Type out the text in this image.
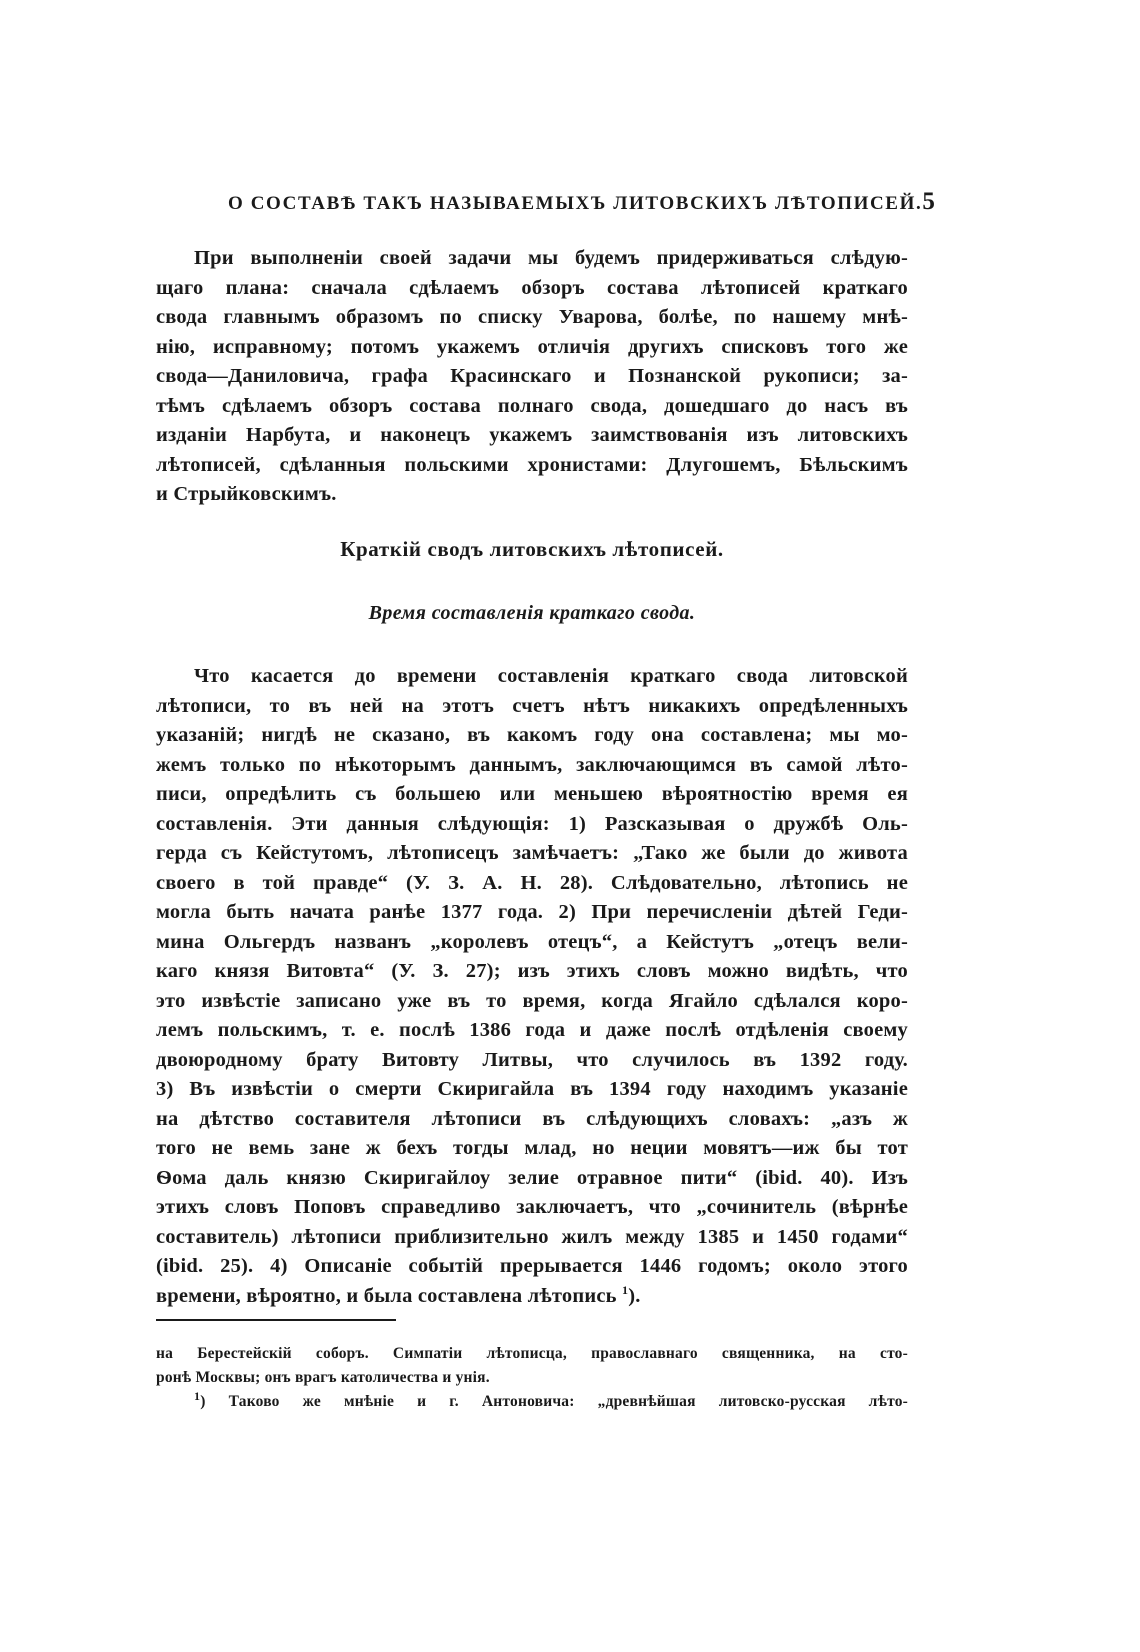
О СОСТАВѢ ТАКЪ НАЗЫВАЕМЫХЪ ЛИТОВСКИХЪ ЛѢТОПИСЕЙ. 5
При выполненіи своей задачи мы будемъ придерживаться слѣдую-
щаго плана: сначала сдѣлаемъ обзоръ состава лѣтописей краткаго
свода главнымъ образомъ по списку Уварова, болѣе, по нашему мнѣ-
нію, исправному; потомъ укажемъ отличія другихъ списковъ того же
свода—Даниловича, графа Красинскаго и Познанской рукописи; за-
тѣмъ сдѣлаемъ обзоръ состава полнаго свода, дошедшаго до насъ въ
изданіи Нарбута, и наконецъ укажемъ заимствованія изъ литовскихъ
лѣтописей, сдѣланныя польскими хронистами: Длугошемъ, Бѣльскимъ
и Стрыйковскимъ.
Краткій сводъ литовскихъ лѣтописей.
Время составленія краткаго свода.
Что касается до времени составленія краткаго свода литовской
лѣтописи, то въ ней на этотъ счетъ нѣтъ никакихъ опредѣленныхъ
указаній; нигдѣ не сказано, въ какомъ году она составлена; мы мо-
жемъ только по нѣкоторымъ даннымъ, заключающимся въ самой лѣто-
писи, опредѣлить съ большею или меньшею вѣроятностію время ея
составленія. Эти данныя слѣдующія: 1) Разсказывая о дружбѣ Оль-
герда съ Кейстутомъ, лѣтописецъ замѣчаетъ: „Тако же были до живота
своего в той правде“ (У. З. А. Н. 28). Слѣдовательно, лѣтопись не
могла быть начата ранѣе 1377 года. 2) При перечисленіи дѣтей Геди-
мина Ольгердъ названъ „королевъ отецъ“, а Кейстутъ „отецъ вели-
каго князя Витовта“ (У. З. 27); изъ этихъ словъ можно видѣть, что
это извѣстіе записано уже въ то время, когда Ягайло сдѣлался коро-
лемъ польскимъ, т. е. послѣ 1386 года и даже послѣ отдѣленія своему
двоюродному брату Витовту Литвы, что случилось въ 1392 году.
3) Въ извѣстіи о смерти Скиригайла въ 1394 году находимъ указаніе
на дѣтство составителя лѣтописи въ слѣдующихъ словахъ: „азъ ж
того не вемь зане ж бехъ тогды млад, но неции мовятъ—иж бы тот
Ѳома даль князю Скиригайлоу зелие отравное пити“ (ibid. 40). Изъ
этихъ словъ Поповъ справедливо заключаетъ, что „сочинитель (вѣрнѣе
составитель) лѣтописи приблизительно жилъ между 1385 и 1450 годами“
(ibid. 25). 4) Описаніе событій прерывается 1446 годомъ; около этого
времени, вѣроятно, и была составлена лѣтопись $^1$).
на Берестейскій соборъ. Симпатіи лѣтописца, православнаго священника, на сто-
ронѣ Москвы; онъ врагъ католичества и унія.
$^1$) Таково же мнѣніе и г. Антоновича: „древнѣйшая литовско-русская лѣто-
